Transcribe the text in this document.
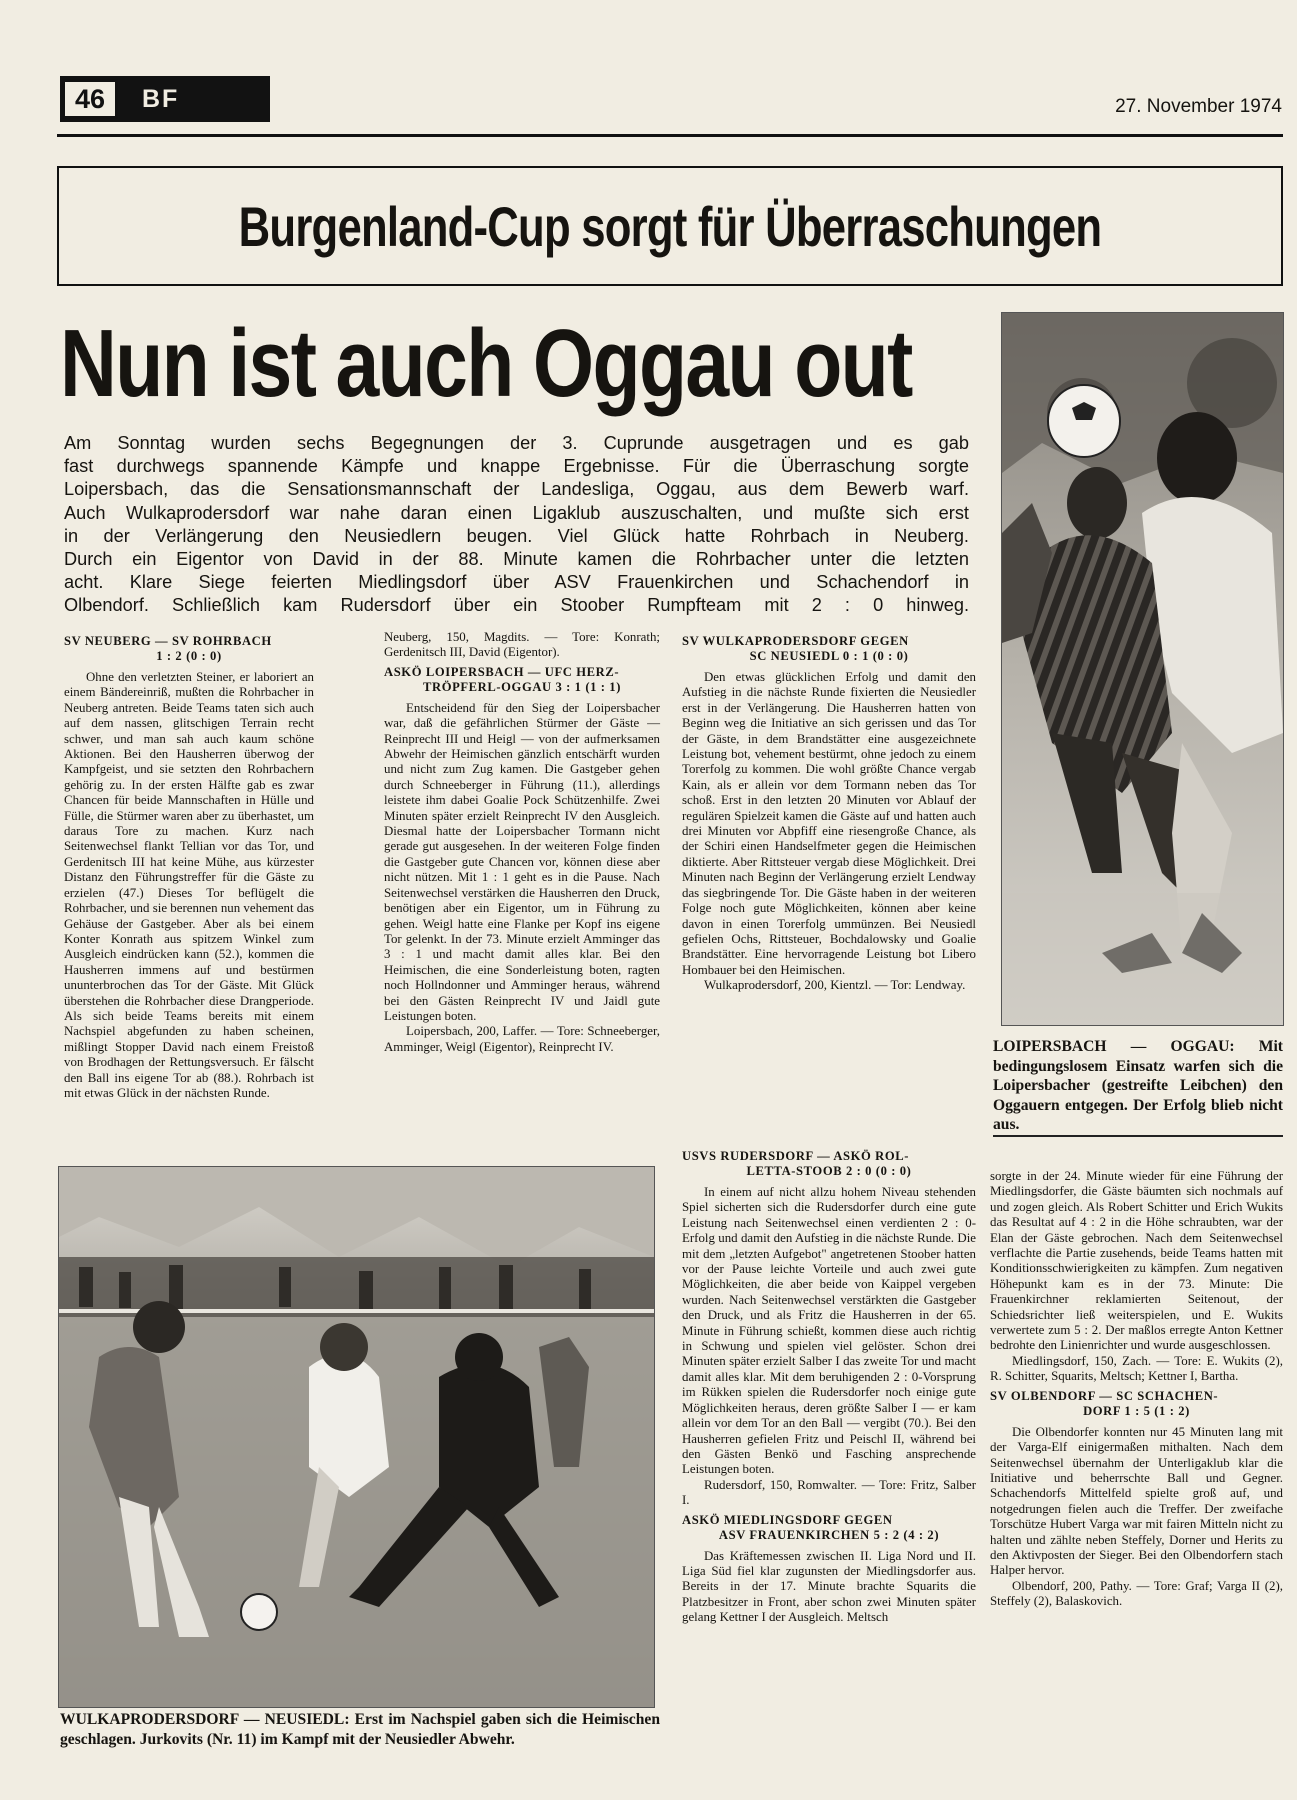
46	BF	27. November 1974
Burgenland-Cup sorgt für Überraschungen
Nun ist auch Oggau out
Am Sonntag wurden sechs Begegnungen der 3. Cuprunde ausgetragen und es gab
fast durchwegs spannende Kämpfe und knappe Ergebnisse. Für die Überraschung sorgte
Loipersbach, das die Sensationsmannschaft der Landesliga, Oggau, aus dem Bewerb warf.
Auch Wulkaprodersdorf war nahe daran einen Ligaklub auszuschalten, und mußte sich erst
in der Verlängerung den Neusiedlern beugen. Viel Glück hatte Rohrbach in Neuberg.
Durch ein Eigentor von David in der 88. Minute kamen die Rohrbacher unter die letzten
acht. Klare Siege feierten Miedlingsdorf über ASV Frauenkirchen und Schachendorf in
Olbendorf. Schließlich kam Rudersdorf über ein Stoober Rumpfteam mit 2 : 0 hinweg.
LOIPERSBACH — OGGAU: Mit bedingungslosem Einsatz warfen sich die Loipersbacher (gestreifte Leibchen) den Oggauern entgegen. Der Erfolg blieb nicht aus.
SV NEUBERG — SV ROHRBACH
1 : 2 (0 : 0)

Ohne den verletzten Steiner, er laboriert an einem Bändereinriß, mußten die Rohrbacher in Neuberg antreten. Beide Teams taten sich auch auf dem nassen, glitschigen Terrain recht schwer, und man sah auch kaum schöne Aktionen. Bei den Hausherren überwog der Kampfgeist, und sie setzten den Rohrbachern gehörig zu. In der ersten Hälfte gab es zwar Chancen für beide Mannschaften in Hülle und Fülle, die Stürmer waren aber zu überhastet, um daraus Tore zu machen. Kurz nach Seitenwechsel flankt Tellian vor das Tor, und Gerdenitsch III hat keine Mühe, aus kürzester Distanz den Führungstreffer für die Gäste zu erzielen (47.) Dieses Tor beflügelt die Rohrbacher, und sie berennen nun vehement das Gehäuse der Gastgeber. Aber als bei einem Konter Konrath aus spitzem Winkel zum Ausgleich eindrücken kann (52.), kommen die Hausherren immens auf und bestürmen ununterbrochen das Tor der Gäste. Mit Glück überstehen die Rohrbacher diese Drangperiode. Als sich beide Teams bereits mit einem Nachspiel abgefunden zu haben scheinen, mißlingt Stopper David nach einem Freistoß von Brodhagen der Rettungsversuch. Er fälscht den Ball ins eigene Tor ab (88.). Rohrbach ist mit etwas Glück in der nächsten Runde.

Neuberg, 150, Magdits. — Tore: Konrath; Gerdenitsch III, David (Eigentor).

ASKÖ LOIPERSBACH — UFC HERZ-
TRÖPFERL-OGGAU 3 : 1 (1 : 1)

Entscheidend für den Sieg der Loipersbacher war, daß die gefährlichen Stürmer der Gäste — Reinprecht III und Heigl — von der aufmerksamen Abwehr der Heimischen gänzlich entschärft wurden und nicht zum Zug kamen. Die Gastgeber gehen durch Schneeberger in Führung (11.), allerdings leistete ihm dabei Goalie Pock Schützenhilfe. Zwei Minuten später erzielt Reinprecht IV den Ausgleich. Diesmal hatte der Loipersbacher Tormann nicht gerade gut ausgesehen. In der weiteren Folge finden die Gastgeber gute Chancen vor, können diese aber nicht nützen. Mit 1 : 1 geht es in die Pause. Nach Seitenwechsel verstärken die Hausherren den Druck, benötigen aber ein Eigentor, um in Führung zu gehen. Weigl hatte eine Flanke per Kopf ins eigene Tor gelenkt. In der 73. Minute erzielt Amminger das 3 : 1 und macht damit alles klar. Bei den Heimischen, die eine Sonderleistung boten, ragten noch Hollndonner und Amminger heraus, während bei den Gästen Reinprecht IV und Jaidl gute Leistungen boten.

Loipersbach, 200, Laffer. — Tore: Schneeberger, Amminger, Weigl (Eigentor), Reinprecht IV.

SV WULKAPRODERSDORF GEGEN
SC NEUSIEDL 0 : 1 (0 : 0)

Den etwas glücklichen Erfolg und damit den Aufstieg in die nächste Runde fixierten die Neusiedler erst in der Verlängerung. Die Hausherren hatten von Beginn weg die Initiative an sich gerissen und das Tor der Gäste, in dem Brandstätter eine ausgezeichnete Leistung bot, vehement bestürmt, ohne jedoch zu einem Torerfolg zu kommen. Die wohl größte Chance vergab Kain, als er allein vor dem Tormann neben das Tor schoß. Erst in den letzten 20 Minuten vor Ablauf der regulären Spielzeit kamen die Gäste auf und hatten auch drei Minuten vor Abpfiff eine riesengroße Chance, als der Schiri einen Handselfmeter gegen die Heimischen diktierte. Aber Rittsteuer vergab diese Möglichkeit. Drei Minuten nach Beginn der Verlängerung erzielt Lendway das siegbringende Tor. Die Gäste haben in der weiteren Folge noch gute Möglichkeiten, können aber keine davon in einen Torerfolg ummünzen. Bei Neusiedl gefielen Ochs, Rittsteuer, Bochdalowsky und Goalie Brandstätter. Eine hervorragende Leistung bot Libero Hombauer bei den Heimischen.

Wulkaprodersdorf, 200, Kientzl. — Tor: Lendway.

WULKAPRODERSDORF — NEUSIEDL: Erst im Nachspiel gaben sich die Heimischen geschlagen. Jurkovits (Nr. 11) im Kampf mit der Neusiedler Abwehr.
USVS RUDERSDORF — ASKÖ ROL-
LETTA-STOOB 2 : 0 (0 : 0)

In einem auf nicht allzu hohem Niveau stehenden Spiel sicherten sich die Rudersdorfer durch eine gute Leistung nach Seitenwechsel einen verdienten 2 : 0-Erfolg und damit den Aufstieg in die nächste Runde. Die mit dem „letzten Aufgebot" angetretenen Stoober hatten vor der Pause leichte Vorteile und auch zwei gute Möglichkeiten, die aber beide von Kaippel vergeben wurden. Nach Seitenwechsel verstärkten die Gastgeber den Druck, und als Fritz die Hausherren in der 65. Minute in Führung schießt, kommen diese auch richtig in Schwung und spielen viel gelöster. Schon drei Minuten später erzielt Salber I das zweite Tor und macht damit alles klar. Mit dem beruhigenden 2 : 0-Vorsprung im Rükken spielen die Rudersdorfer noch einige gute Möglichkeiten heraus, deren größte Salber I — er kam allein vor dem Tor an den Ball — vergibt (70.). Bei den Hausherren gefielen Fritz und Peischl II, während bei den Gästen Benkö und Fasching ansprechende Leistungen boten.

Rudersdorf, 150, Romwalter. — Tore: Fritz, Salber I.

ASKÖ MIEDLINGSDORF GEGEN
ASV FRAUENKIRCHEN 5 : 2 (4 : 2)

Das Kräftemessen zwischen II. Liga Nord und II. Liga Süd fiel klar zugunsten der Miedlingsdorfer aus. Bereits in der 17. Minute brachte Squarits die Platzbesitzer in Front, aber schon zwei Minuten später gelang Kettner I der Ausgleich. Meltsch

sorgte in der 24. Minute wieder für eine Führung der Miedlingsdorfer, die Gäste bäumten sich nochmals auf und zogen gleich. Als Robert Schitter und Erich Wukits das Resultat auf 4 : 2 in die Höhe schraubten, war der Elan der Gäste gebrochen. Nach dem Seitenwechsel verflachte die Partie zusehends, beide Teams hatten mit Konditionsschwierigkeiten zu kämpfen. Zum negativen Höhepunkt kam es in der 73. Minute: Die Frauenkirchner reklamierten Seitenout, der Schiedsrichter ließ weiterspielen, und E. Wukits verwertete zum 5 : 2. Der maßlos erregte Anton Kettner bedrohte den Linienrichter und wurde ausgeschlossen.

Miedlingsdorf, 150, Zach. — Tore: E. Wukits (2), R. Schitter, Squarits, Meltsch; Kettner I, Bartha.

SV OLBENDORF — SC SCHACHEN-
DORF 1 : 5 (1 : 2)

Die Olbendorfer konnten nur 45 Minuten lang mit der Varga-Elf einigermaßen mithalten. Nach dem Seitenwechsel übernahm der Unterligaklub klar die Initiative und beherrschte Ball und Gegner. Schachendorfs Mittelfeld spielte groß auf, und notgedrungen fielen auch die Treffer. Der zweifache Torschütze Hubert Varga war mit fairen Mitteln nicht zu halten und zählte neben Steffely, Dorner und Herits zu den Aktivposten der Sieger. Bei den Olbendorfern stach Halper hervor.

Olbendorf, 200, Pathy. — Tore: Graf; Varga II (2), Steffely (2), Balaskovich.
